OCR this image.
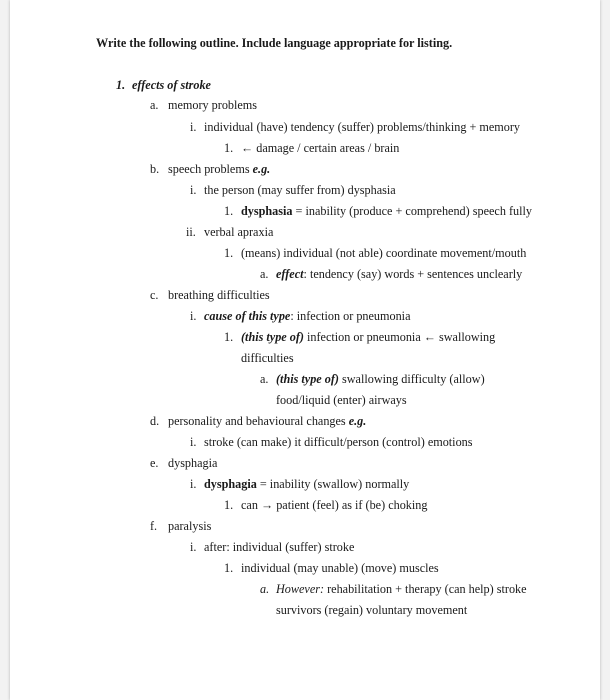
Write the following outline. Include language appropriate for listing.
1. effects of stroke
a. memory problems
i. individual (have) tendency (suffer) problems/thinking + memory
1. ← damage / certain areas / brain
b. speech problems e.g.
i. the person (may suffer from) dysphasia
1. dysphasia = inability (produce + comprehend) speech fully
ii. verbal apraxia
1. (means) individual (not able) coordinate movement/mouth
a. effect: tendency (say) words + sentences unclearly
c. breathing difficulties
i. cause of this type: infection or pneumonia
1. (this type of) infection or pneumonia ← swallowing
difficulties
a. (this type of) swallowing difficulty (allow)
food/liquid (enter) airways
d. personality and behavioural changes e.g.
i. stroke (can make) it difficult/person (control) emotions
e. dysphagia
i. dysphagia = inability (swallow) normally
1. can → patient (feel) as if (be) choking
f. paralysis
i. after: individual (suffer) stroke
1. individual (may unable) (move) muscles
a. However: rehabilitation + therapy (can help) stroke
survivors (regain) voluntary movement
